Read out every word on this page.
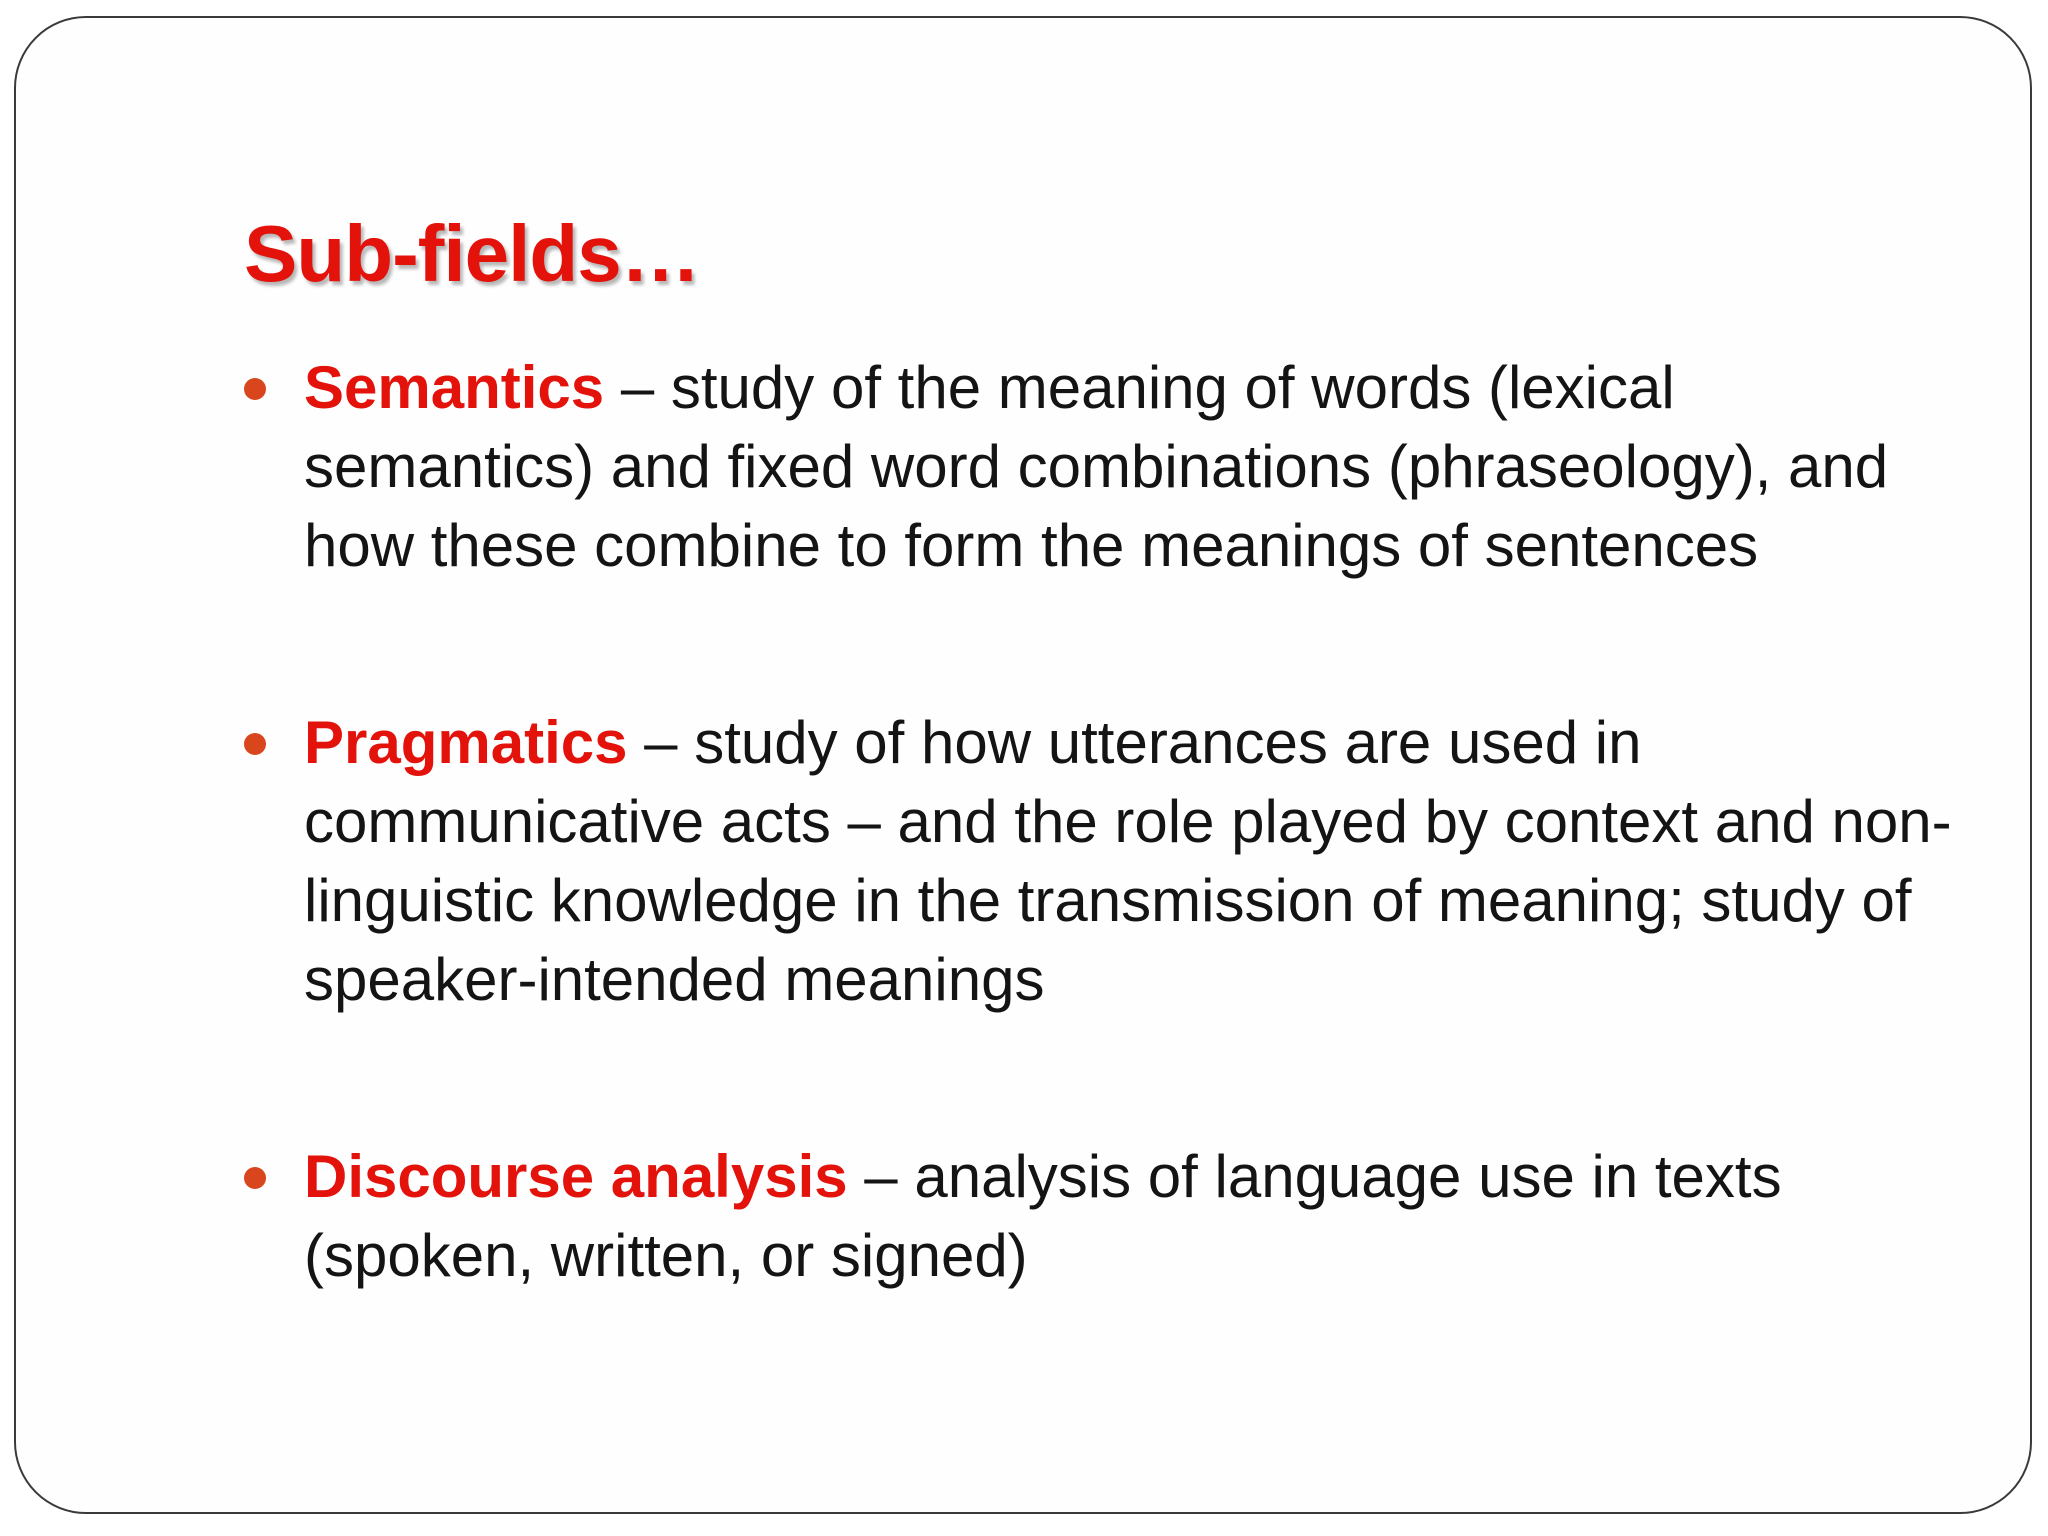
Sub-fields…
Semantics – study of the meaning of words (lexical semantics) and fixed word combinations (phraseology), and how these combine to form the meanings of sentences
Pragmatics – study of how utterances are used in communicative acts – and the role played by context and non-linguistic knowledge in the transmission of meaning; study of speaker-intended meanings
Discourse analysis – analysis of language use in texts (spoken, written, or signed)
